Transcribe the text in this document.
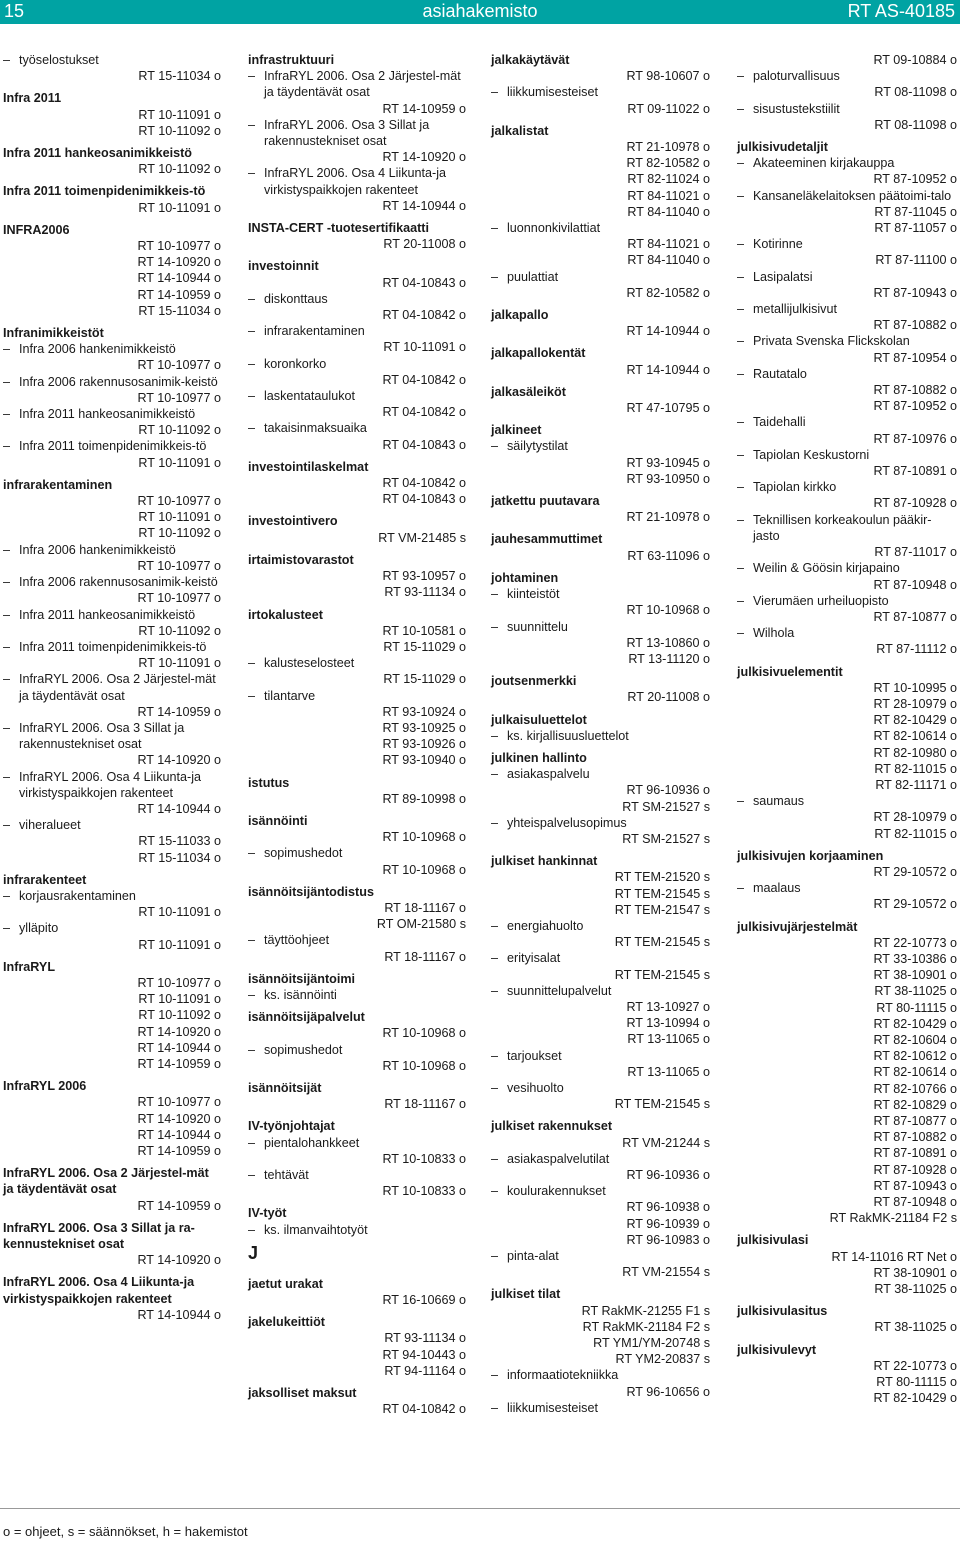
15	asiahakemisto	RT AS-40185
– työselostukset
RT 15-11034 o
Infra 2011
RT 10-11091 o
RT 10-11092 o
Infra 2011 hankeosanimikkeistö
RT 10-11092 o
Infra 2011 toimenpidenimikkeis-tö
RT 10-11091 o
INFRA2006
RT 10-10977 o
RT 14-10920 o
RT 14-10944 o
RT 14-10959 o
RT 15-11034 o
Infranimikkeistöt
– Infra 2006 hankenimikkeistö
RT 10-10977 o
– Infra 2006 rakennusosanimik-keistö
RT 10-10977 o
– Infra 2011 hankeosanimikkeistö
RT 10-11092 o
– Infra 2011 toimenpidenimikkeis-tö
RT 10-11091 o
infrarakentaminen
RT 10-10977 o
RT 10-11091 o
RT 10-11092 o
– Infra 2006 hankenimikkeistö
RT 10-10977 o
– Infra 2006 rakennusosanimik-keistö
RT 10-10977 o
– Infra 2011 hankeosanimikkeistö
RT 10-11092 o
– Infra 2011 toimenpidenimikkeis-tö
RT 10-11091 o
– InfraRYL 2006. Osa 2 Järjestel-mät ja täydentävät osat
RT 14-10959 o
– InfraRYL 2006. Osa 3 Sillat ja rakennustekniset osat
RT 14-10920 o
– InfraRYL 2006. Osa 4 Liikunta-ja virkistyspaikkojen rakenteet
RT 14-10944 o
– viheralueet
RT 15-11033 o
RT 15-11034 o
infrarakenteet
– korjausrakentaminen
RT 10-11091 o
– ylläpito
RT 10-11091 o
InfraRYL
RT 10-10977 o
RT 10-11091 o
RT 10-11092 o
RT 14-10920 o
RT 14-10944 o
RT 14-10959 o
InfraRYL 2006
RT 10-10977 o
RT 14-10920 o
RT 14-10944 o
RT 14-10959 o
InfraRYL 2006. Osa 2 Järjestel-mät ja täydentävät osat
RT 14-10959 o
InfraRYL 2006. Osa 3 Sillat ja ra-kennustekniset osat
RT 14-10920 o
InfraRYL 2006. Osa 4 Liikunta-ja virkistyspaikkojen rakenteet
RT 14-10944 o
infrastruktuuri
– InfraRYL 2006. Osa 2 Järjestel-mät ja täydentävät osat
RT 14-10959 o
– InfraRYL 2006. Osa 3 Sillat ja rakennustekniset osat
RT 14-10920 o
– InfraRYL 2006. Osa 4 Liikunta-ja virkistyspaikkojen rakenteet
RT 14-10944 o
INSTA-CERT -tuotesertifikaatti
RT 20-11008 o
investoinnit
RT 04-10843 o
– diskonttaus
RT 04-10842 o
– infrarakentaminen
RT 10-11091 o
– koronkorko
RT 04-10842 o
– laskentataulukot
RT 04-10842 o
– takaisinmaksuaika
RT 04-10843 o
investointilaskelmat
RT 04-10842 o
RT 04-10843 o
investointivero
RT VM-21485 s
irtaimistovarastot
RT 93-10957 o
RT 93-11134 o
irtokalusteet
RT 10-10581 o
RT 15-11029 o
– kalusteselosteet
RT 15-11029 o
– tilantarve
RT 93-10924 o
RT 93-10925 o
RT 93-10926 o
RT 93-10940 o
istutus
RT 89-10998 o
isännöinti
RT 10-10968 o
– sopimushedot
RT 10-10968 o
isännöitsijäntodistus
RT 18-11167 o
RT OM-21580 s
– täyttöohjeet
RT 18-11167 o
isännöitsijäntoimi
– ks. isännöinti
isännöitsijäpalvelut
RT 10-10968 o
– sopimushedot
RT 10-10968 o
isännöitsijät
RT 18-11167 o
IV-työnjohtajat
– pientalohankkeet
RT 10-10833 o
– tehtävät
RT 10-10833 o
IV-työt
– ks. ilmanvaihtotyöt
J
jaetut urakat
RT 16-10669 o
jakelukeittiöt
RT 93-11134 o
RT 94-10443 o
RT 94-11164 o
jaksolliset maksut
RT 04-10842 o
jalkakäytävät
RT 98-10607 o
– liikkumisesteiset
RT 09-11022 o
jalkalistat
RT 21-10978 o
RT 82-10582 o
RT 82-11024 o
RT 84-11021 o
RT 84-11040 o
– luonnonkivilattiat
RT 84-11021 o
RT 84-11040 o
– puulattiat
RT 82-10582 o
jalkapallo
RT 14-10944 o
jalkapallokentät
RT 14-10944 o
jalkasäleiköt
RT 47-10795 o
jalkineet
– säilytystilat
RT 93-10945 o
RT 93-10950 o
jatkettu puutavara
RT 21-10978 o
jauhesammuttimet
RT 63-11096 o
johtaminen
– kiinteistöt
RT 10-10968 o
– suunnittelu
RT 13-10860 o
RT 13-11120 o
joutsenmerkki
RT 20-11008 o
julkaisuluettelot
– ks. kirjallisuusluettelot
julkinen hallinto
– asiakaspalvelu
RT 96-10936 o
RT SM-21527 s
– yhteispalvelusopimus
RT SM-21527 s
julkiset hankinnat
RT TEM-21520 s
RT TEM-21545 s
RT TEM-21547 s
– energiahuolto
RT TEM-21545 s
– erityisalat
RT TEM-21545 s
– suunnittelupalvelut
RT 13-10927 o
RT 13-10994 o
RT 13-11065 o
– tarjoukset
RT 13-11065 o
– vesihuolto
RT TEM-21545 s
julkiset rakennukset
RT VM-21244 s
– asiakaspalvelutilat
RT 96-10936 o
– koulurakennukset
RT 96-10938 o
RT 96-10939 o
RT 96-10983 o
– pinta-alat
RT VM-21554 s
julkiset tilat
RT RakMK-21255 F1 s
RT RakMK-21184 F2 s
RT YM1/YM-20748 s
RT YM2-20837 s
– informaatiotekniikka
RT 96-10656 o
– liikkumisesteiset
RT 09-10884 o
– paloturvallisuus
RT 08-11098 o
– sisustustekstiilit
RT 08-11098 o
julkisivudetaljit
– Akateeminen kirjakauppa
RT 87-10952 o
– Kansaneläkelaitoksen päätoimi-talo
RT 87-11045 o
RT 87-11057 o
– Kotirinne
RT 87-11100 o
– Lasipalatsi
RT 87-10943 o
– metallijulkisivut
RT 87-10882 o
– Privata Svenska Flickskolan
RT 87-10954 o
– Rautatalo
RT 87-10882 o
RT 87-10952 o
– Taidehalli
RT 87-10976 o
– Tapiolan Keskustorni
RT 87-10891 o
– Tapiolan kirkko
RT 87-10928 o
– Teknillisen korkeakoulun pääkir-jasto
RT 87-11017 o
– Weilin & Göösin kirjapaino
RT 87-10948 o
– Vierumäen urheiluopisto
RT 87-10877 o
– Wilhola
RT 87-11112 o
julkisivuelementit
RT 10-10995 o
RT 28-10979 o
RT 82-10429 o
RT 82-10614 o
RT 82-10980 o
RT 82-11015 o
RT 82-11171 o
– saumaus
RT 28-10979 o
RT 82-11015 o
julkisivujen korjaaminen
RT 29-10572 o
– maalaus
RT 29-10572 o
julkisivujärjestelmät
RT 22-10773 o
RT 33-10386 o
RT 38-10901 o
RT 38-11025 o
RT 80-11115 o
RT 82-10429 o
RT 82-10604 o
RT 82-10612 o
RT 82-10614 o
RT 82-10766 o
RT 82-10829 o
RT 87-10877 o
RT 87-10882 o
RT 87-10891 o
RT 87-10928 o
RT 87-10943 o
RT 87-10948 o
RT RakMK-21184 F2 s
julkisivulasi
RT 14-11016 RT Net o
RT 38-10901 o
RT 38-11025 o
julkisivulasitus
RT 38-11025 o
julkisivulevyt
RT 22-10773 o
RT 80-11115 o
RT 82-10429 o
o = ohjeet, s = säännökset, h = hakemistot
